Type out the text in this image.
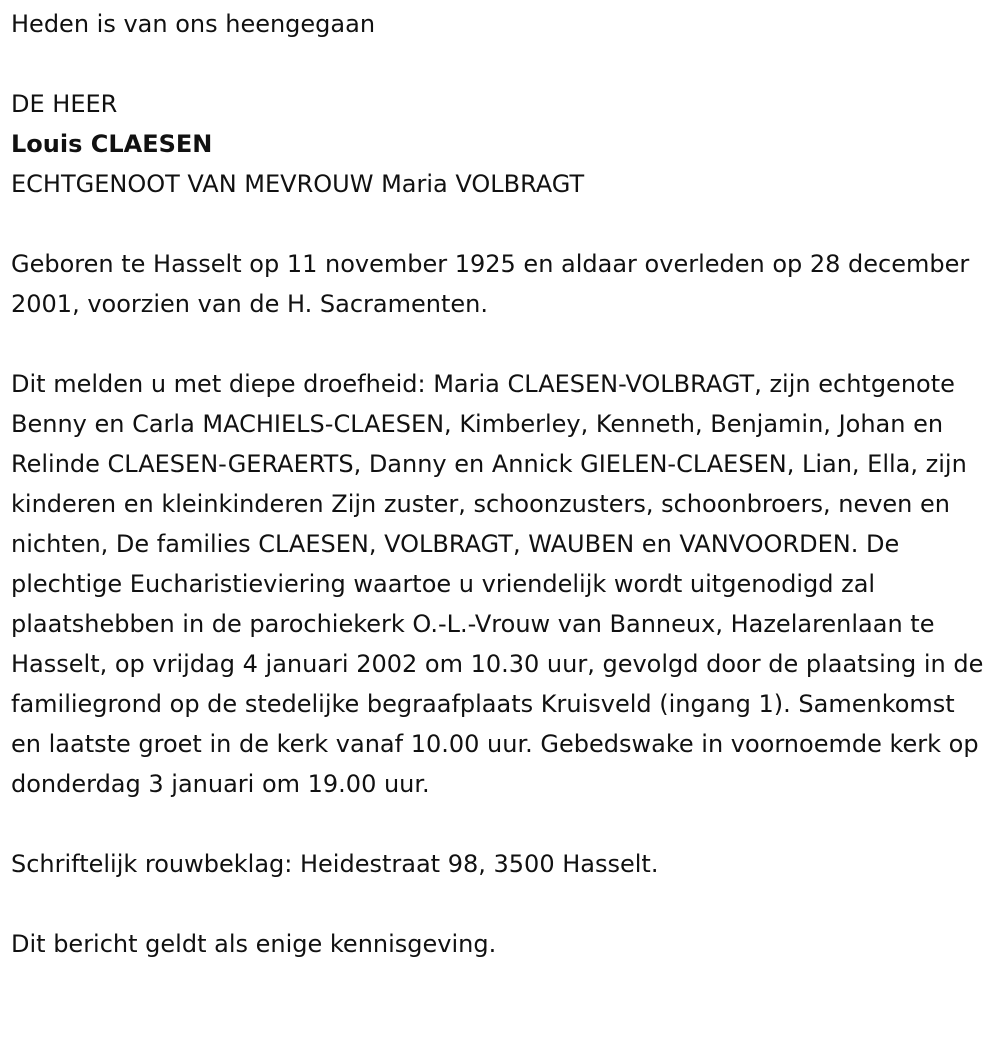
Heden is van ons heengegaan

DE HEER

Louis CLAESEN

ECHTGENOOT VAN MEVROUW Maria VOLBRAGT

Geboren te Hasselt op 11 november 1925 en aldaar overleden op 28 december 2001, voorzien van de H. Sacramenten.

Dit melden u met diepe droefheid: Maria CLAESEN-VOLBRAGT, zijn echtgenote Benny en Carla MACHIELS-CLAESEN, Kimberley, Kenneth, Benjamin, Johan en Relinde CLAESEN-GERAERTS, Danny en Annick GIELEN-CLAESEN, Lian, Ella, zijn kinderen en kleinkinderen Zijn zuster, schoonzusters, schoonbroers, neven en nichten, De families CLAESEN, VOLBRAGT, WAUBEN en VANVOORDEN. De plechtige Eucharistieviering waartoe u vriendelijk wordt uitgenodigd zal plaatshebben in de parochiekerk O.-L.-Vrouw van Banneux, Hazelarenlaan te Hasselt, op vrijdag 4 januari 2002 om 10.30 uur, gevolgd door de plaatsing in de familiegrond op de stedelijke begraafplaats Kruisveld (ingang 1). Samenkomst en laatste groet in de kerk vanaf 10.00 uur. Gebedswake in voornoemde kerk op donderdag 3 januari om 19.00 uur.

Schriftelijk rouwbeklag: Heidestraat 98, 3500 Hasselt.

Dit bericht geldt als enige kennisgeving.
